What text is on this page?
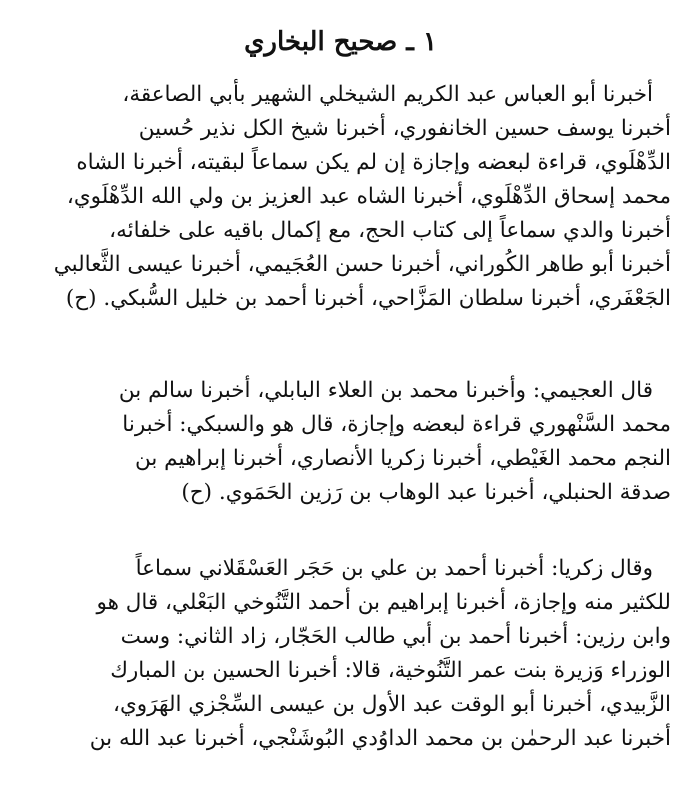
١ ـ صحيح البخاري
أخبرنا أبو العباس عبد الكريم الشيخلي الشهير بأبي الصاعقة،
أخبرنا يوسف حسين الخانفوري، أخبرنا شيخ الكل نذير حُسين
الدِّهْلَوي، قراءة لبعضه وإجازة إن لم يكن سماعاً لبقيته، أخبرنا الشاه
محمد إسحاق الدِّهْلَوي، أخبرنا الشاه عبد العزيز بن ولي الله الدِّهْلَوي،
أخبرنا والدي سماعاً إلى كتاب الحج، مع إكمال باقيه على خلفائه،
أخبرنا أبو طاهر الكُوراني، أخبرنا حسن العُجَيمي، أخبرنا عيسى الثَّعالبي
الجَعْفَري، أخبرنا سلطان المَزَّاحي، أخبرنا أحمد بن خليل السُّبكي. (ح)
قال العجيمي: وأخبرنا محمد بن العلاء البابلي، أخبرنا سالم بن
محمد السَّنْهوري قراءة لبعضه وإجازة، قال هو والسبكي: أخبرنا
النجم محمد الغَيْطي، أخبرنا زكريا الأنصاري، أخبرنا إبراهيم بن
صدقة الحنبلي، أخبرنا عبد الوهاب بن رَزين الحَمَوي. (ح)
وقال زكريا: أخبرنا أحمد بن علي بن حَجَر العَسْقَلاني سماعاً
للكثير منه وإجازة، أخبرنا إبراهيم بن أحمد التَّنُوخي البَعْلي، قال هو
وابن رزين: أخبرنا أحمد بن أبي طالب الحَجّار، زاد الثاني: وست
الوزراء وَزيرة بنت عمر التَّنُوخية، قالا: أخبرنا الحسين بن المبارك
الزَّبيدي، أخبرنا أبو الوقت عبد الأول بن عيسى السِّجْزي الهَرَوي،
أخبرنا عبد الرحمٰن بن محمد الداوُدي البُوشَنْجي، أخبرنا عبد الله بن
